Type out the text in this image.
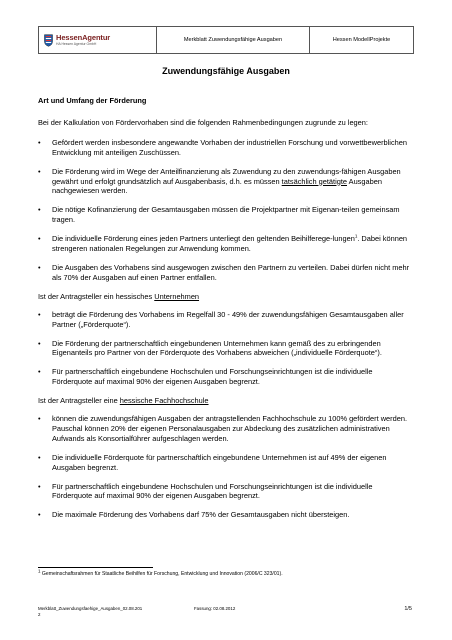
HessenAgentur
HA Hessen Agentur GmbH
Merkblatt Zuwendungsfähige Ausgaben	Hessen ModellProjekte
Zuwendungsfähige Ausgaben

Art und Umfang der Förderung

Bei der Kalkulation von Fördervorhaben sind die folgenden Rahmenbedingungen zugrunde zu legen:

• Gefördert werden insbesondere angewandte Vorhaben der industriellen Forschung und vorwettbewerblichen Entwicklung mit anteiligen Zuschüssen.
• Die Förderung wird im Wege der Anteilfinanzierung als Zuwendung zu den zuwendungs-fähigen Ausgaben gewährt und erfolgt grundsätzlich auf Ausgabenbasis, d.h. es müssen tatsächlich getätigte Ausgaben nachgewiesen werden.
• Die nötige Kofinanzierung der Gesamtausgaben müssen die Projektpartner mit Eigenan-teilen gemeinsam tragen.
• Die individuelle Förderung eines jeden Partners unterliegt den geltenden Beihilferege-lungen$^1$. Dabei können strengeren nationalen Regelungen zur Anwendung kommen.
• Die Ausgaben des Vorhabens sind ausgewogen zwischen den Partnern zu verteilen. Dabei dürfen nicht mehr als 70% der Ausgaben auf einen Partner entfallen.

Ist der Antragsteller ein hessisches Unternehmen

• beträgt die Förderung des Vorhabens im Regelfall 30 - 49% der zuwendungsfähigen Gesamtausgaben aller Partner („Förderquote“).
• Die Förderung der partnerschaftlich eingebundenen Unternehmen kann gemäß des zu erbringenden Eigenanteils pro Partner von der Förderquote des Vorhabens abweichen („individuelle Förderquote“).
• Für partnerschaftlich eingebundene Hochschulen und Forschungseinrichtungen ist die individuelle Förderquote auf maximal 90% der eigenen Ausgaben begrenzt.

Ist der Antragsteller eine hessische Fachhochschule

• können die zuwendungsfähigen Ausgaben der antragstellenden Fachhochschule zu 100% gefördert werden. Pauschal können 20% der eigenen Personalausgaben zur Abdeckung des zusätzlichen administrativen Aufwands als Konsortialführer aufgeschlagen werden.
• Die individuelle Förderquote für partnerschaftlich eingebundene Unternehmen ist auf 49% der eigenen Ausgaben begrenzt.
• Für partnerschaftlich eingebundene Hochschulen und Forschungseinrichtungen ist die individuelle Förderquote auf maximal 90% der eigenen Ausgaben begrenzt.
• Die maximale Förderung des Vorhabens darf 75% der Gesamtausgaben nicht übersteigen.
$^1$ Gemeinschaftsrahmen für Staatliche Beihilfen für Forschung, Entwicklung und Innovation (2006/C 323/01).
Merkblatt_Zuwendungsfaehige_Ausgaben_02.08.201
2
Fassung: 02.08.2012	1/5
